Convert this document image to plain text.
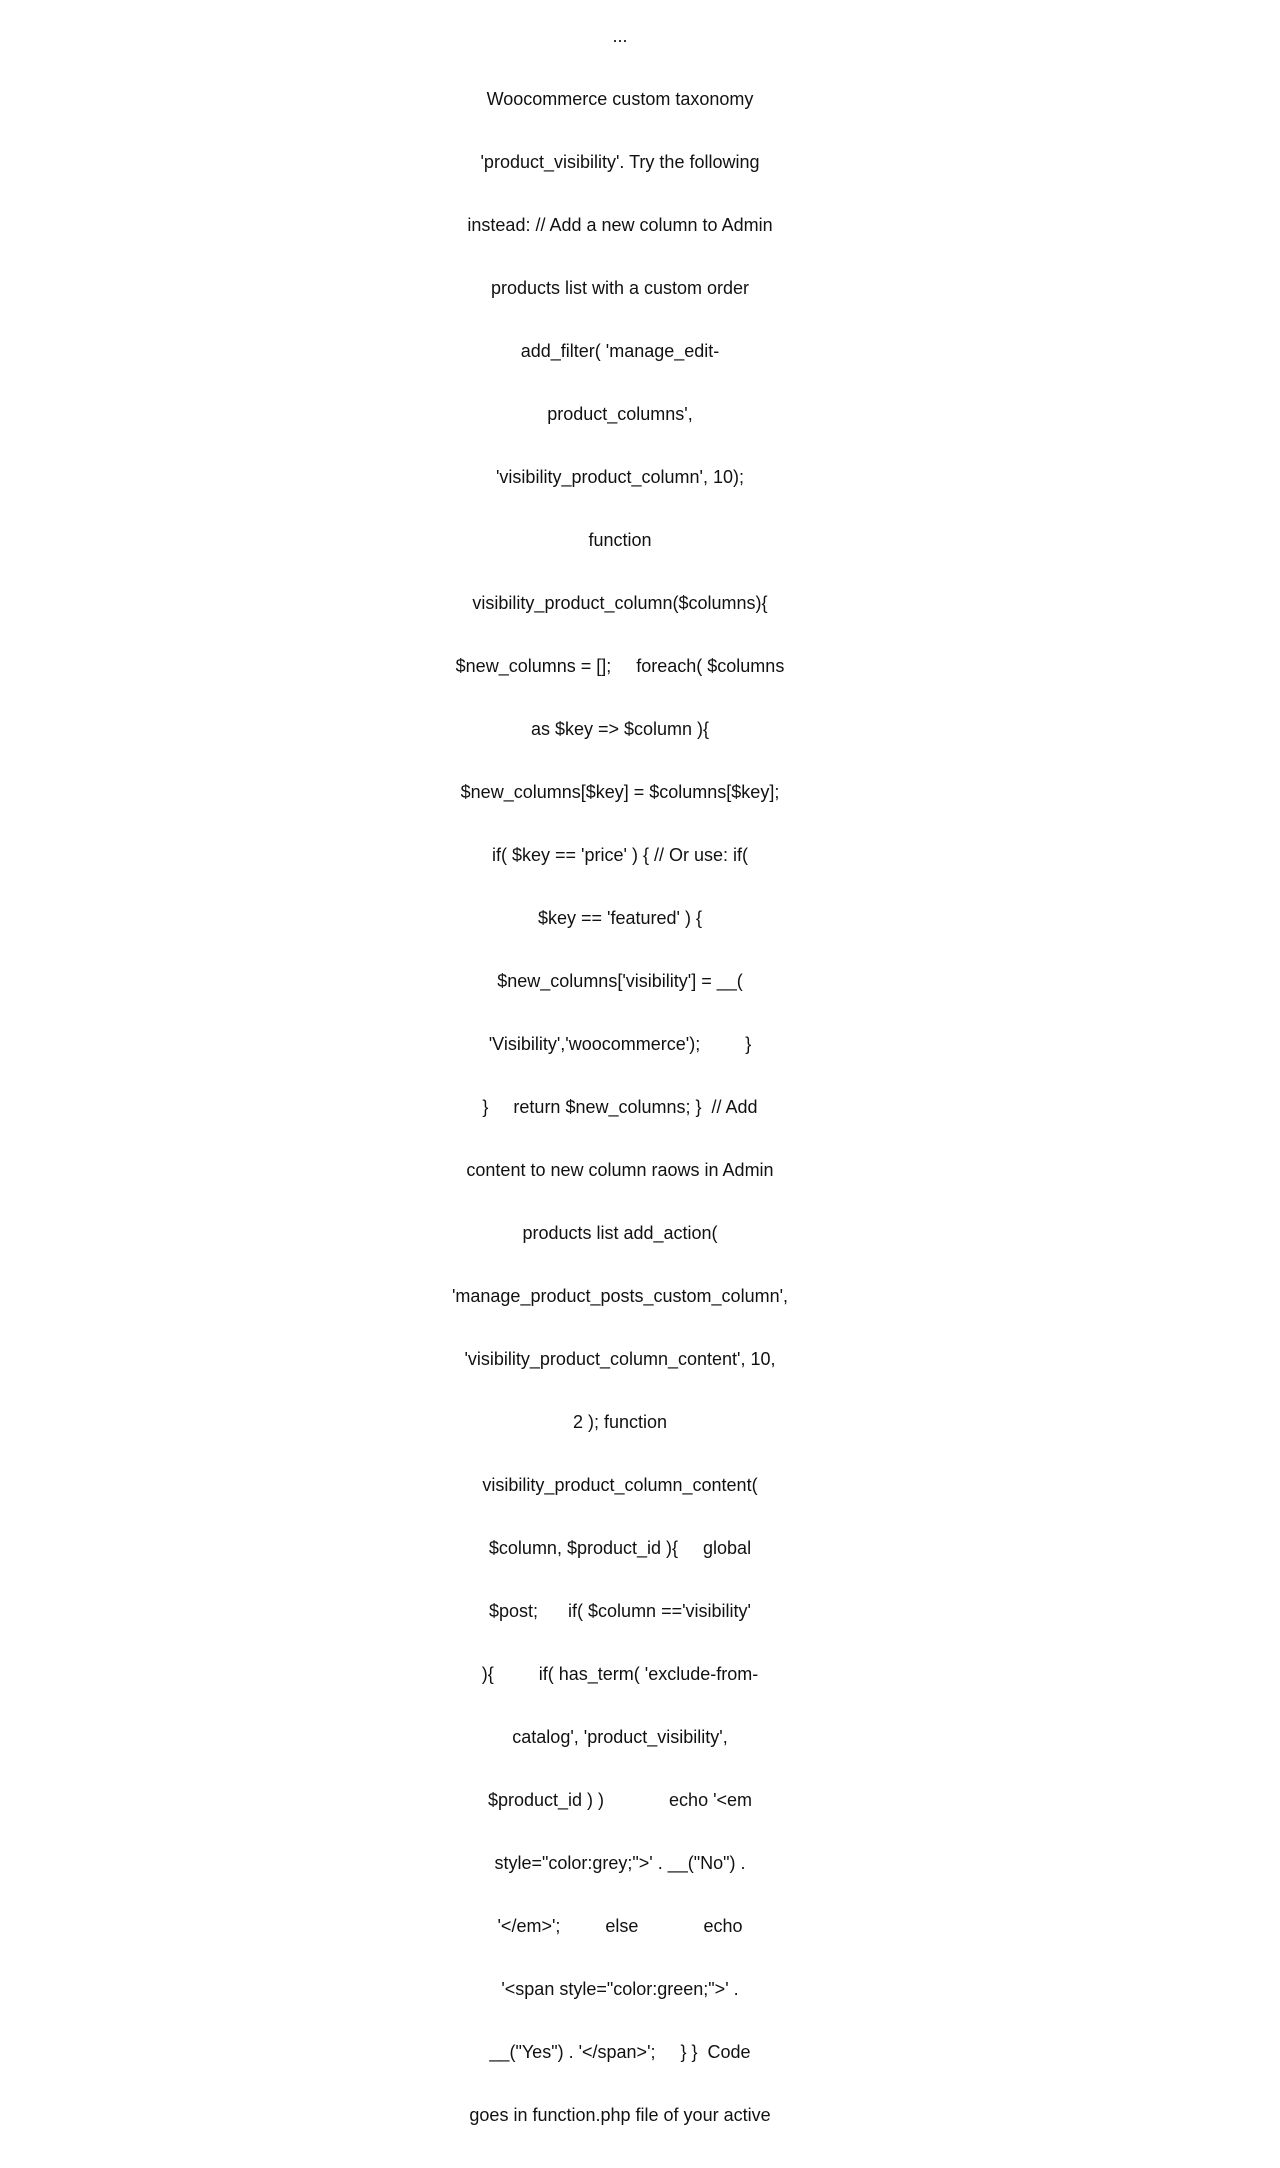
...

Woocommerce custom taxonomy

'product_visibility'. Try the following

instead: // Add a new column to Admin

products list with a custom order

add_filter( 'manage_edit-

product_columns',

'visibility_product_column', 10);

function

visibility_product_column($columns){

$new_columns = [];     foreach( $columns

as $key => $column ){

$new_columns[$key] = $columns[$key];

if( $key == 'price' ) { // Or use: if(

$key == 'featured' ) {

$new_columns['visibility'] = __(

'Visibility','woocommerce');         }

}     return $new_columns; }  // Add

content to new column raows in Admin

products list add_action(

'manage_product_posts_custom_column',

'visibility_product_column_content', 10,

2 ); function

visibility_product_column_content(

$column, $product_id ){     global

$post;      if( $column =='visibility'

){         if( has_term( 'exclude-from-

catalog', 'product_visibility',

$product_id ) )             echo '<em

style="color:grey;">' . __("No") .

'</em>';         else             echo

'<span style="color:green;">' .

__("Yes") . '</span>';     } }  Code

goes in function.php file of your active
